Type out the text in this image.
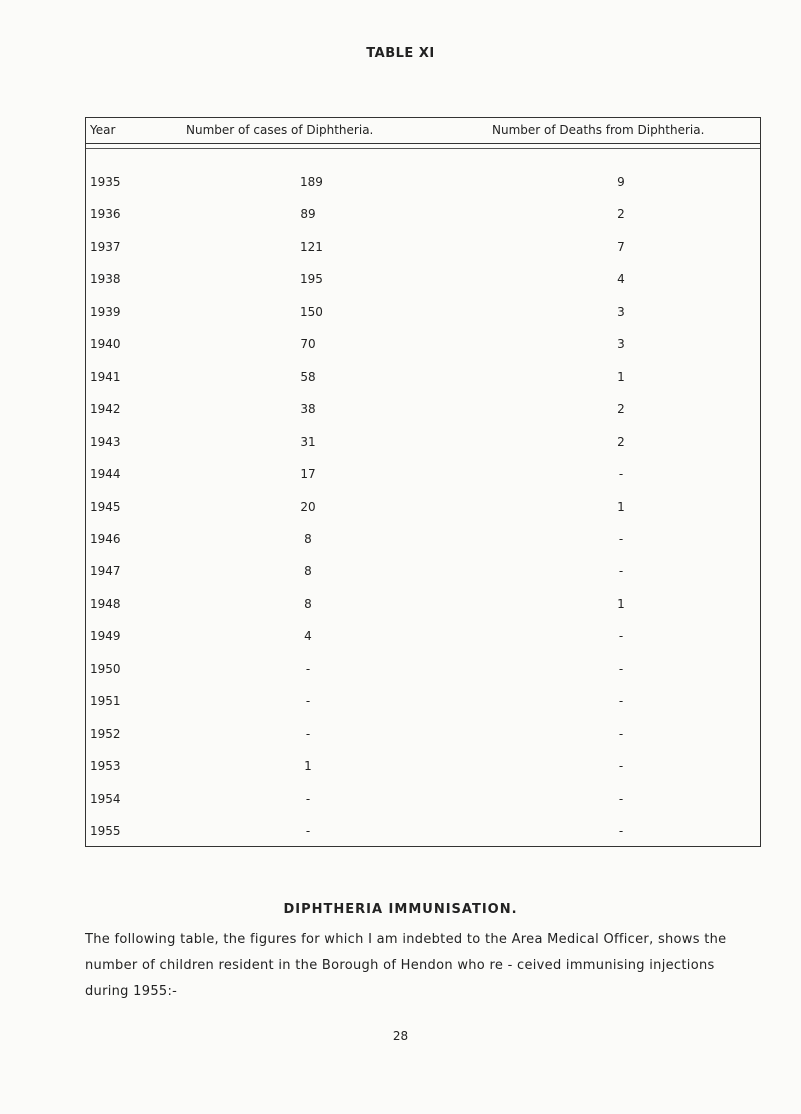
TABLE XI
Year	Number of cases of Diphtheria.	Number of Deaths from Diphtheria.
1935	189	9
1936	89	2
1937	121	7
1938	195	4
1939	150	3
1940	70	3
1941	58	1
1942	38	2
1943	31	2
1944	17	-
1945	20	1
1946	8	-
1947	8	-
1948	8	1
1949	4	-
1950	-	-
1951	-	-
1952	-	-
1953	1	-
1954	-	-
1955	-	-
DIPHTHERIA IMMUNISATION.
The following table, the figures for which I am indebted to the Area Medical Officer, shows the number of children resident in the Borough of Hendon who re - ceived immunising injections during 1955:-
28
